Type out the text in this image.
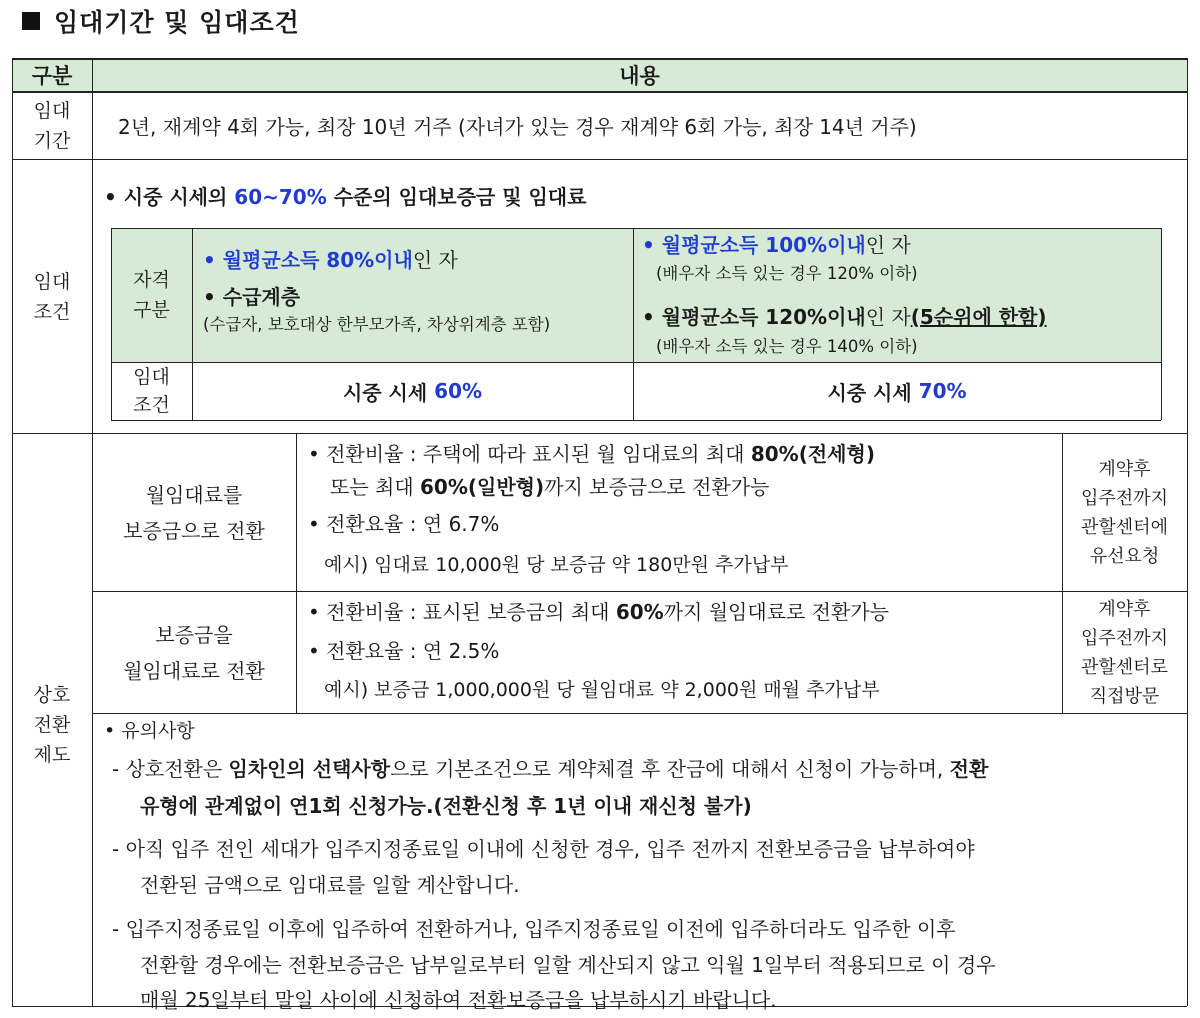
임대기간 및 임대조건
구분	내용
임대
기간
2년, 재계약 4회 가능, 최장 10년 거주 (자녀가 있는 경우 재계약 6회 가능, 최장 14년 거주)
임대
조건
• 시중 시세의 60~70% 수준의 임대보증금 및 임대료
자격
구분
• 월평균소득 80%이내인 자
• 수급계층
(수급자, 보호대상 한부모가족, 차상위계층 포함)
• 월평균소득 100%이내인 자
(배우자 소득 있는 경우 120% 이하)
• 월평균소득 120%이내인 자(5순위에 한함)
(배우자 소득 있는 경우 140% 이하)
임대
조건
시중 시세 60%	시중 시세 70%
상호
전환
제도
월임대료를
보증금으로 전환
• 전환비율 : 주택에 따라 표시된 월 임대료의 최대 80%(전세형)
또는 최대 60%(일반형)까지 보증금으로 전환가능
• 전환요율 : 연 6.7%
예시) 임대료 10,000원 당 보증금 약 180만원 추가납부
계약후
입주전까지
관할센터에
유선요청
보증금을
월임대료로 전환
• 전환비율 : 표시된 보증금의 최대 60%까지 월임대료로 전환가능
• 전환요율 : 연 2.5%
예시) 보증금 1,000,000원 당 월임대료 약 2,000원 매월 추가납부
계약후
입주전까지
관할센터로
직접방문
• 유의사항
- 상호전환은 임차인의 선택사항으로 기본조건으로 계약체결 후 잔금에 대해서 신청이 가능하며, 전환
유형에 관계없이 연1회 신청가능.(전환신청 후 1년 이내 재신청 불가)
- 아직 입주 전인 세대가 입주지정종료일 이내에 신청한 경우, 입주 전까지 전환보증금을 납부하여야
전환된 금액으로 임대료를 일할 계산합니다.
- 입주지정종료일 이후에 입주하여 전환하거나, 입주지정종료일 이전에 입주하더라도 입주한 이후
전환할 경우에는 전환보증금은 납부일로부터 일할 계산되지 않고 익월 1일부터 적용되므로 이 경우
매월 25일부터 말일 사이에 신청하여 전환보증금을 납부하시기 바랍니다.
